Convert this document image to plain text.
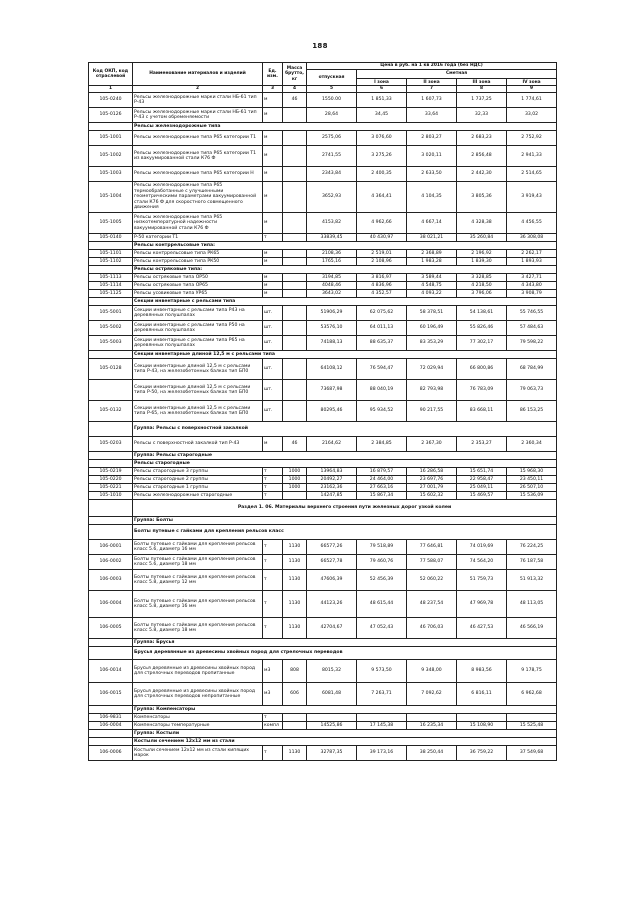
188
Код ОКП, код отраслевой	Наименование материалов и изделий	Ед. изм.	Масса брутто, кг	Цена в руб. на 1 кв 2016 года (без НДС)				
				отпускная	Сметная			
					I зона	II зона	III зона	IV зона
1	2	3	4	5	6	7	8	9
105-0240	Рельсы железнодорожные марки стали НБ-61 тип Р-43	м	46	1550.00	1 851,33	1 607,73	1 737,25	1 774,61
105-0126	Рельсы железнодорожные марки стали НБ-61 тип Р-43 с учетом обременяемости	м		28,64	34,45	33,64	32,33	33,02
	Рельсы железнодорожные типа							
105-1001	Рельсы железнодорожные типа Р65 категории Т1	м		2575,06	3 076,60	2 803,27	2 683,23	2 752,92
105-1002	Рельсы железнодорожные типа Р65 категории Т1 из вакуумированной стали К76 Ф	м		2741,55	3 275,26	3 020,11	2 856,48	2 941,33
105-1003	Рельсы железнодорожные типа Р65 категории Н	м		2343,84	2 400,35	2 633,50	2 442,30	2 514,65
105-1004	Рельсы железнодорожные типа Р65 термообработанные с улучшенными геометрическими параметрами вакуумированной стали К76 Ф для скоростного совмещенного движения	м		3652,93	4 364,41	4 104,35	3 805,36	3 919,43
105-1005	Рельсы железнодорожные типа Р65 низкотемпературной надежности вакуумированной стали К76 Ф	м		4153,82	4 962,66	4 667,14	4 328,38	4 456,55
105-0140	Р-50 категории Т1	т		33839,45	40 430,97	38 021,21	35 260,84	36 308,08
	Рельсы контррельсовые типа:							
105-1101	Рельсы контррельсовые типа РК65	м		2108,36	2 519,01	2 368,89	2 196,92	2 262,17
105-1102	Рельсы контррельсовые типа РК50	м		1765,16	2 108,96	1 983,28	1 839,30	1 893,93
	Рельсы остряковые типа:							
105-1113	Рельсы остряковые типа ОР50	м		3194,85	3 816,97	3 589,44	3 328,85	3 427,71
105-1114	Рельсы остряковые типа ОР65	м		4048,46	4 836,96	4 548,75	4 218,50	4 343,80
105-1125	Рельсы усовиковые типа УР65	м		3643,02	4 352,57	4 093,22	3 796,06	3 908,79
	Секции инвентарные с рельсами типа							
105-5001	Секции инвентарные с рельсами типа Р43 на деревянных полушпалах	шт.		51906,29	62 075,62	58 378,51	54 138,61	55 746,55
105-5002	Секции инвентарные с рельсами типа Р50 на деревянных полушпалах	шт.		53576,10	64 011,13	60 196,49	55 826,46	57 484,63
105-5003	Секции инвентарные с рельсами типа Р65 на деревянных полушпалах	шт.		74188,13	88 635,37	83 353,29	77 302,17	79 598,22
	Секции инвентарные длиной 12,5 м с рельсами типа							
105-0128	Секции инвентарные длиной 12,5 м с рельсами типа Р-43, на железобетонных балках тип БП0	шт.		64108,12	76 594,47	72 029,94	66 800,86	68 784,99
	Секции инвентарные длиной 12,5 м с рельсами типа Р-50, на железобетонных балках тип БП0	шт.		73687,98	88 040,19	82 793,98	76 783,09	79 063,73
105-0132	Секции инвентарные длиной 12,5 м с рельсами типа Р-65, на железобетонных балках тип БП0	шт.		80295,46	95 934,52	90 217,55	83 668,11	86 153,25
	Группа: Рельсы с поверхностной закалкой							
105-0203	Рельсы с поверхностной закалкой тип Р-43	м	46	2164,62	2 384,85	2 367,30	2 353,27	2 360,34
	Группа: Рельсы старогодные							
	Рельсы старогодные							
105-0219	Рельсы старогодные 3 группы	т	1000	13964,83	16 879,57	16 286,58	15 651,74	15 968,30
105-0220	Рельсы старогодные 2 группы	т	1000	20492,27	24 464,00	23 697,76	22 958,47	23 450,11
105-0221	Рельсы старогодные 1 группы	т	1000	23162,36	27 663,16	27 001,79	25 049,11	26 507,10
105-1010	Рельсы железнодорожные старогодные	т		14247,85	15 867,34	15 602,32	15 469,57	15 536,09
	Раздел 1. 06. Материалы верхнего строения пути железных дорог узкой колеи							
	Группа: Болты							
	Болты путевые с гайками для крепления рельсов класс							
106-0001	Болты путевые с гайками для крепления рельсов класс 5.6, диаметр 16 мм	т	1130	66577,26	79 518,89	77 646,81	74 019,69	76 224,25
106-0002	Болты путевые с гайками для крепления рельсов класс 5.6, диаметр 18 мм	т	1130	66527,78	79 460,76	77 588,07	74 564,20	76 187,58
106-0003	Болты путевые с гайками для крепления рельсов класс 5.8, диаметр 12 мм	т	1130	47606,39	52 456,39	52 060,22	51 759,73	51 913,32
106-0004	Болты путевые с гайками для крепления рельсов класс 5.8, диаметр 16 мм	т	1130	44123,26	48 615,44	48 237,54	47 969,78	48 113,05
106-0005	Болты путевые с гайками для крепления рельсов класс 5.8, диаметр 18 мм	т	1130	42704,67	47 052,43	46 706,03	46 427,53	46 566,19
	Группа: Брусья							
	Брусья деревянные из древесины хвойных пород для стрелочных переводов							
106-0014	Брусья деревянные из древесины хвойных пород для стрелочных переводов пропитанные	м3	808	8015,32	9 573,50	9 348,00	8 983,56	9 178,75
106-0015	Брусья деревянные из древесины хвойных пород для стрелочных переводов непропитанные	м3	606	6081,48	7 263,71	7 092,62	6 816,11	6 962,68
	Группа: Компенсаторы							
106-9831	Компенсаторы	т						
106-0004	Компенсаторы температурные	компл		14525,86	17 145,38	16 235,34	15 108,90	15 525,48
	Группа: Костыли							
	Костыли сечением 12х12 мм из стали							
106-0006	Костыли сечением 12х12 мм из стали кипящих марок	т	1130	32787,35	39 173,16	38 250,44	36 759,22	37 549,68
